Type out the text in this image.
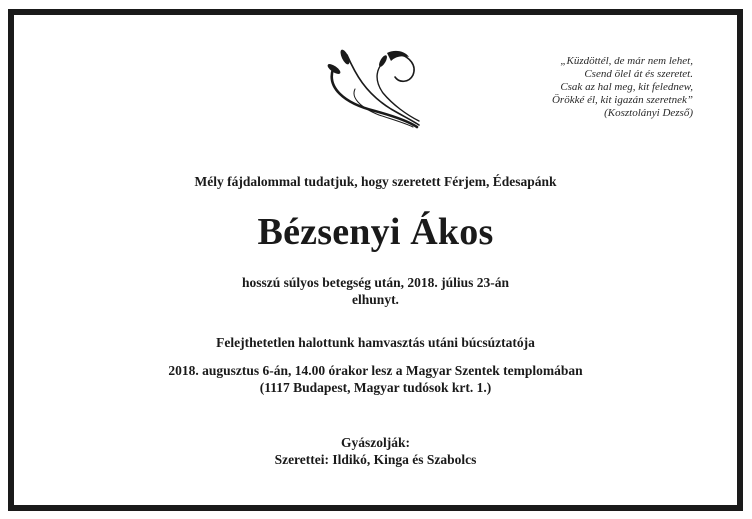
„Küzdöttél, de már nem lehet,
Csend ölel át és szeretet.
Csak az hal meg, kit felednew,
Örökké él, kit igazán szeretnek”
(Kosztolányi Dezső)
Mély fájdalommal tudatjuk, hogy szeretett Férjem, Édesapánk
Bézsenyi Ákos
hosszú súlyos betegség után, 2018. július 23-án
elhunyt.
Felejthetetlen halottunk hamvasztás utáni búcsúztatója
2018. augusztus 6-án, 14.00 órakor lesz a Magyar Szentek templomában
(1117 Budapest, Magyar tudósok krt. 1.)
Gyászolják:
Szerettei: Ildikó, Kinga és Szabolcs
